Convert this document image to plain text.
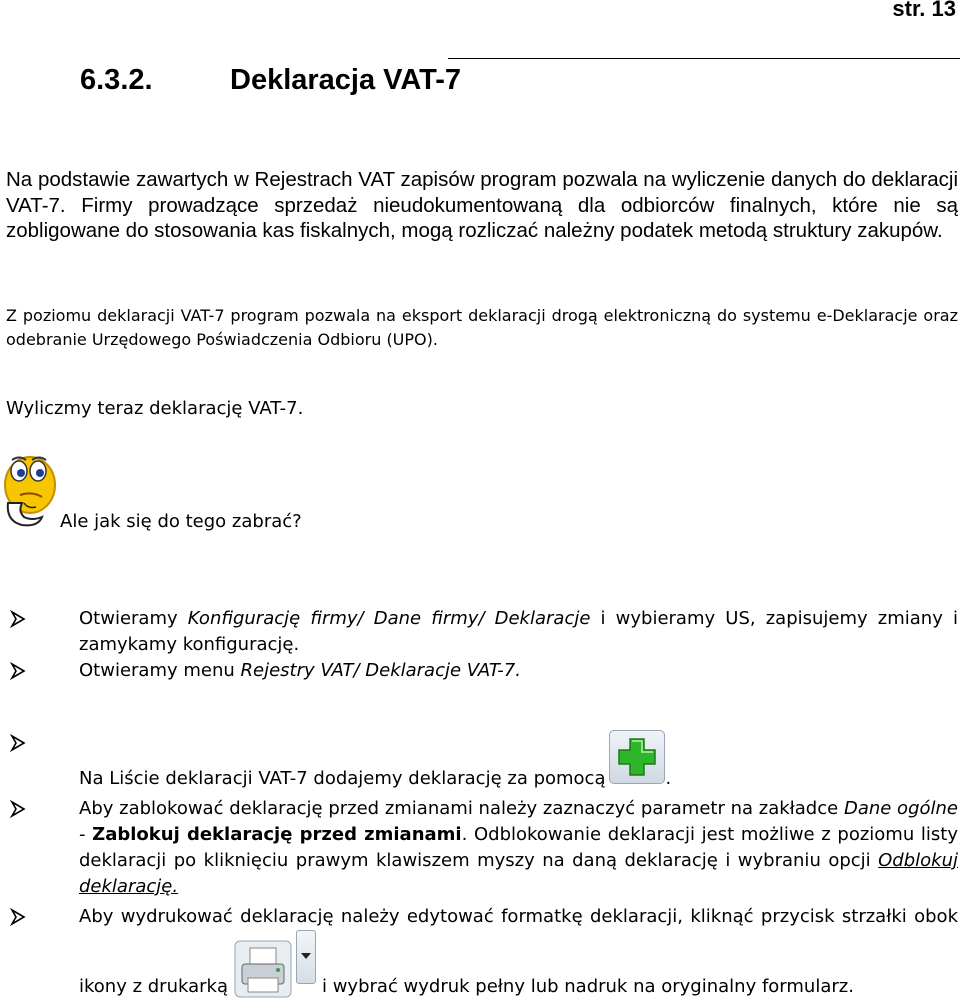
str. 13
6.3.2.	Deklaracja VAT-7
Na podstawie zawartych w Rejestrach VAT zapisów program pozwala na wyliczenie danych do deklaracji VAT-7. Firmy prowadzące sprzedaż nieudokumentowaną dla odbiorców finalnych, które nie są zobligowane do stosowania kas fiskalnych, mogą rozliczać należny podatek metodą struktury zakupów.
Z poziomu deklaracji VAT-7 program pozwala na eksport deklaracji drogą elektroniczną do systemu e-Deklaracje oraz odebranie Urzędowego Poświadczenia Odbioru (UPO).
Wyliczmy teraz deklarację VAT-7.
Ale jak się do tego zabrać?
Otwieramy Konfigurację firmy/ Dane firmy/ Deklaracje i wybieramy US, zapisujemy zmiany i zamykamy konfigurację.
Otwieramy menu Rejestry VAT/ Deklaracje VAT-7.
Na Liście deklaracji VAT-7 dodajemy deklarację za pomocą	.
Aby zablokować deklarację przed zmianami należy zaznaczyć parametr na zakładce Dane ogólne - Zablokuj deklarację przed zmianami. Odblokowanie deklaracji jest możliwe z poziomu listy deklaracji po kliknięciu prawym klawiszem myszy na daną deklarację i wybraniu opcji Odblokuj deklarację.
Aby wydrukować deklarację należy edytować formatkę deklaracji, kliknąć przycisk strzałki obok ikony z drukarką	i wybrać wydruk pełny lub nadruk na oryginalny formularz.
